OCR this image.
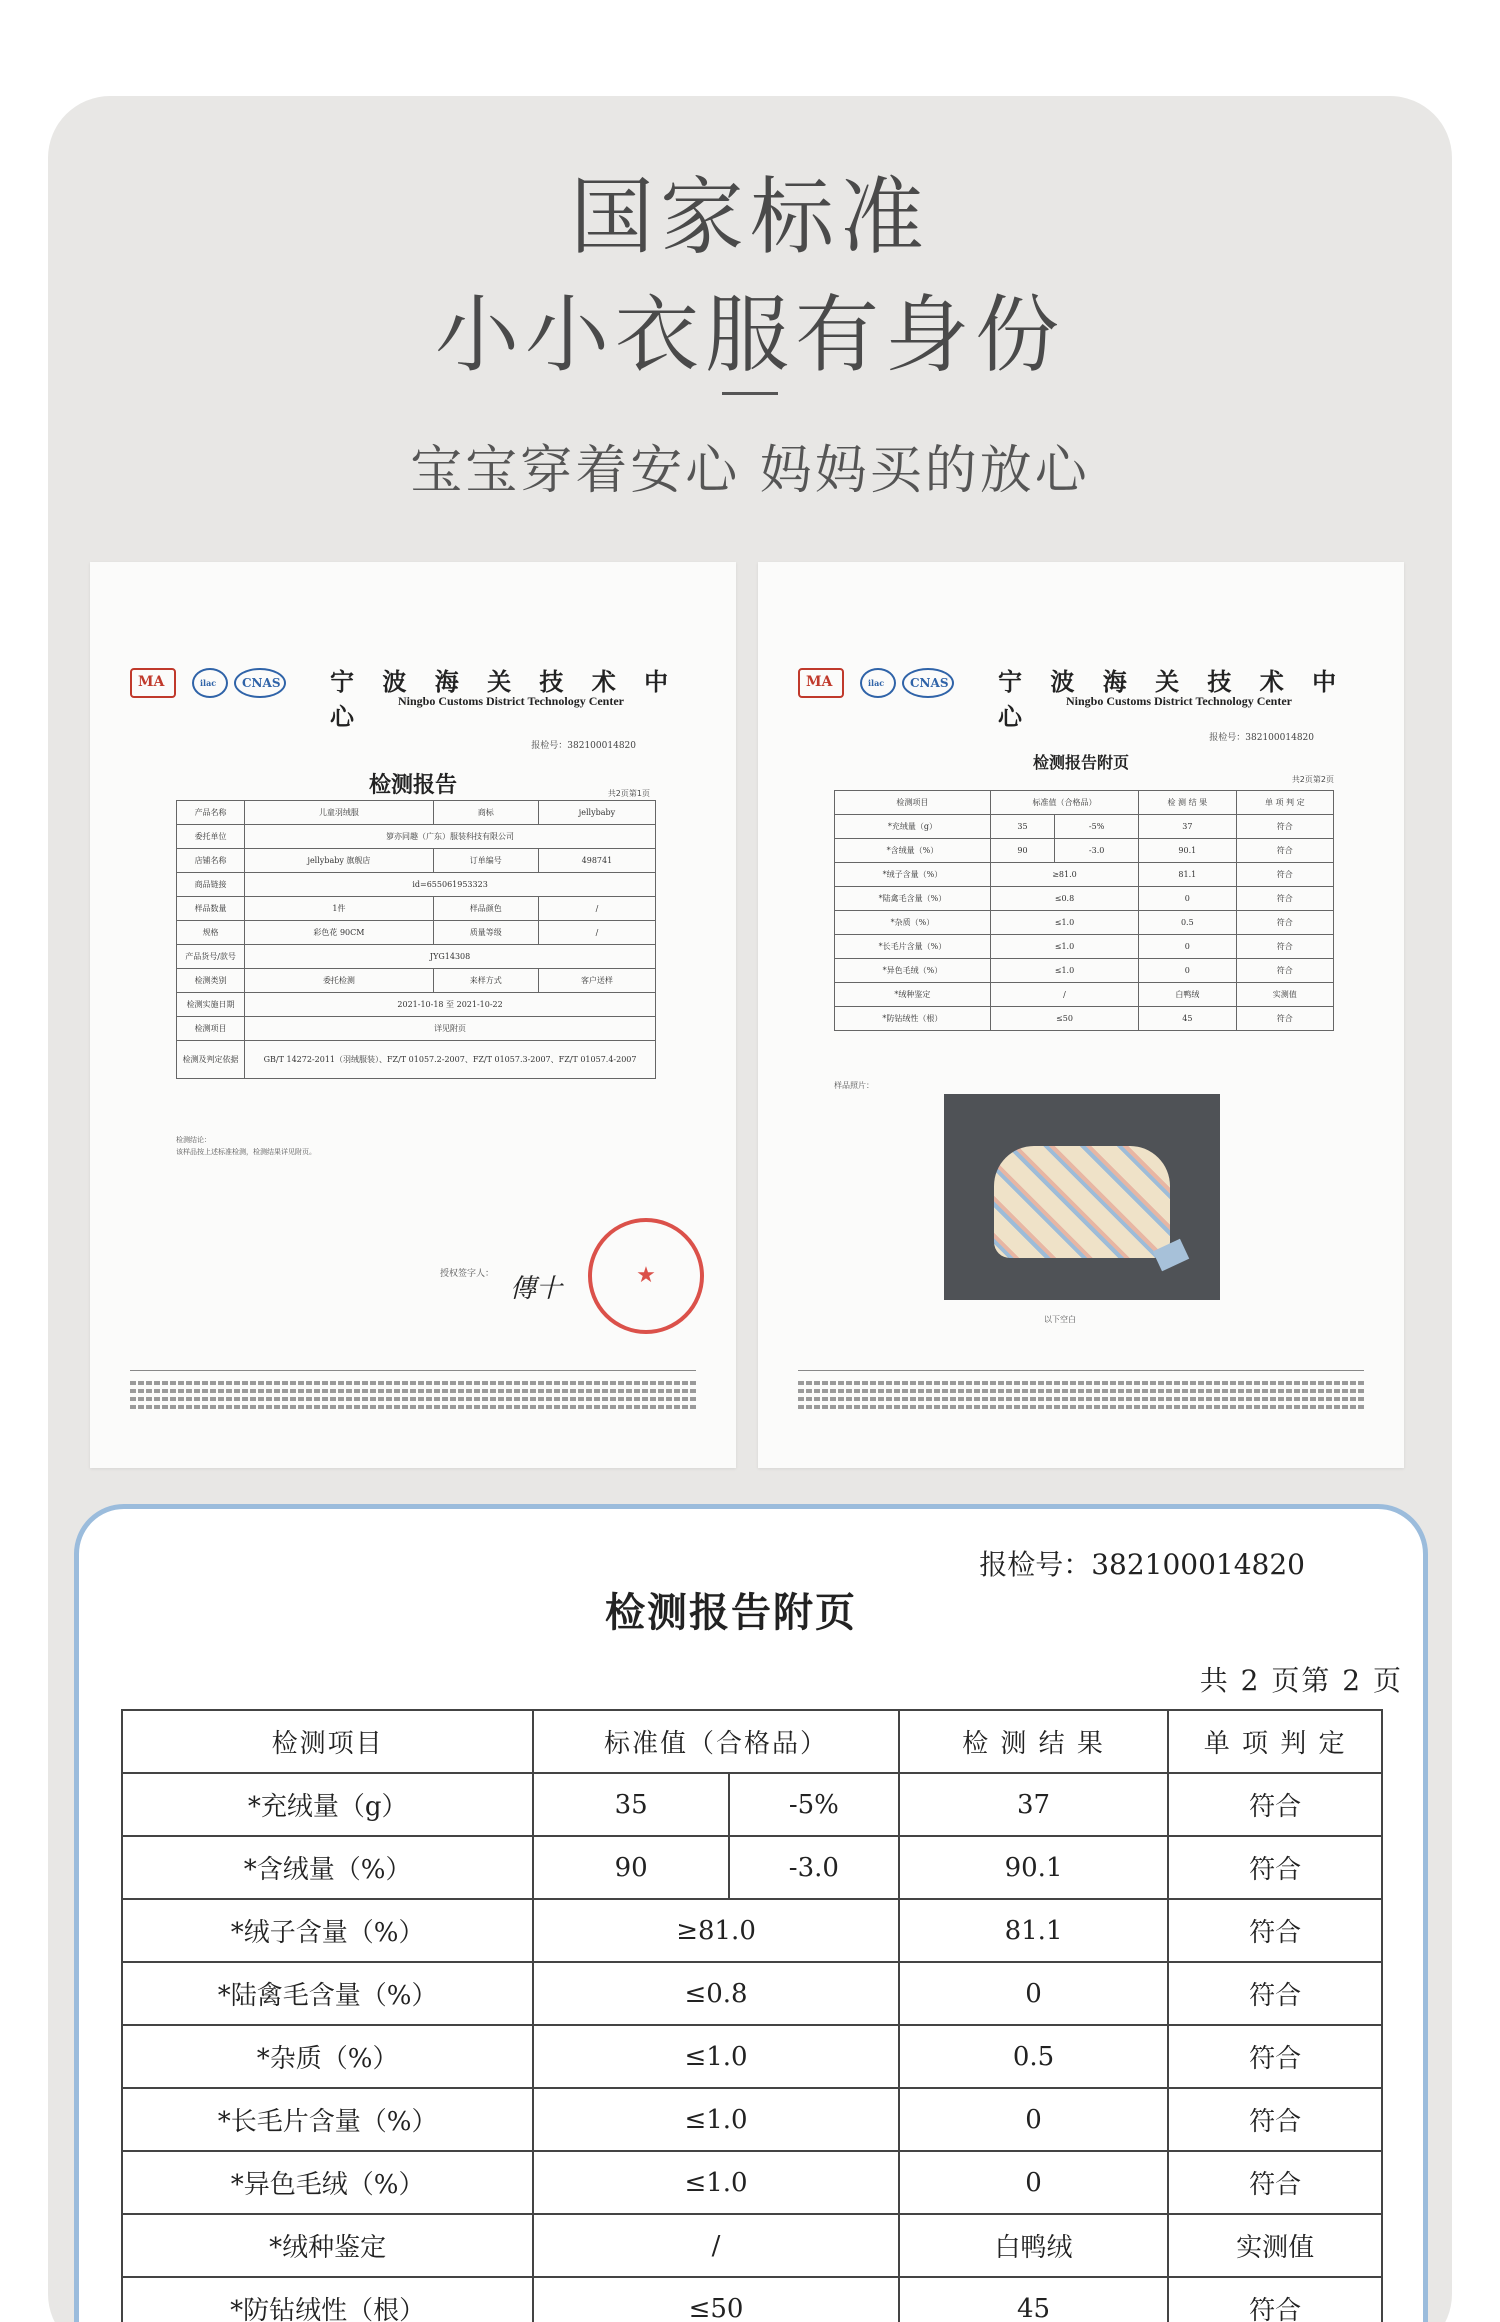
国家标准
小小衣服有身份
宝宝穿着安心 妈妈买的放心
MA	ilac	CNAS 宁 波 海 关 技 术 中 心
Ningbo Customs District Technology Center
报检号：382100014820
检测报告	共2页第1页
产品名称	儿童羽绒服	商标	jellybaby
委托单位	箩亦同趣（广东）服装科技有限公司		
店铺名称	jellybaby 旗舰店	订单编号	498741
商品链接	id=655061953323		
样品数量	1件	样品颜色	/
规格	彩色花 90CM	质量等级	/
产品货号/款号	JYG14308		
检测类别	委托检测	来样方式	客户送样
检测实施日期	2021-10-18 至 2021-10-22		
检测项目	详见附页		
检测及判定依据	GB/T 14272-2011（羽绒服装）、FZ/T 01057.2-2007、FZ/T 01057.3-2007、FZ/T 01057.4-2007		
检测结论：
该样品按上述标准检测，检测结果详见附页。
授权签字人： 傳十	★
MA	ilac	CNAS 宁 波 海 关 技 术 中 心
Ningbo Customs District Technology Center
报检号：382100014820
检测报告附页
共2页第2页
检测项目	标准值（合格品）		检 测 结 果	单 项 判 定
*充绒量（g）	35	-5%	37	符合
*含绒量（%）	90	-3.0	90.1	符合
*绒子含量（%）	≥81.0		81.1	符合
*陆禽毛含量（%）	≤0.8		0	符合
*杂质（%）	≤1.0		0.5	符合
*长毛片含量（%）	≤1.0		0	符合
*异色毛绒（%）	≤1.0		0	符合
*绒种鉴定	/		白鸭绒	实测值
*防钻绒性（根）	≤50		45	符合
样品照片：
以下空白
报检号：382100014820
检测报告附页
共 2 页第 2 页
检测项目	标准值（合格品）		检 测 结 果	单 项 判 定
*充绒量（g）	35	-5%	37	符合
*含绒量（%）	90	-3.0	90.1	符合
*绒子含量（%）	≥81.0		81.1	符合
*陆禽毛含量（%）	≤0.8		0	符合
*杂质（%）	≤1.0		0.5	符合
*长毛片含量（%）	≤1.0		0	符合
*异色毛绒（%）	≤1.0		0	符合
*绒种鉴定	/		白鸭绒	实测值
*防钻绒性（根）	≤50		45	符合
